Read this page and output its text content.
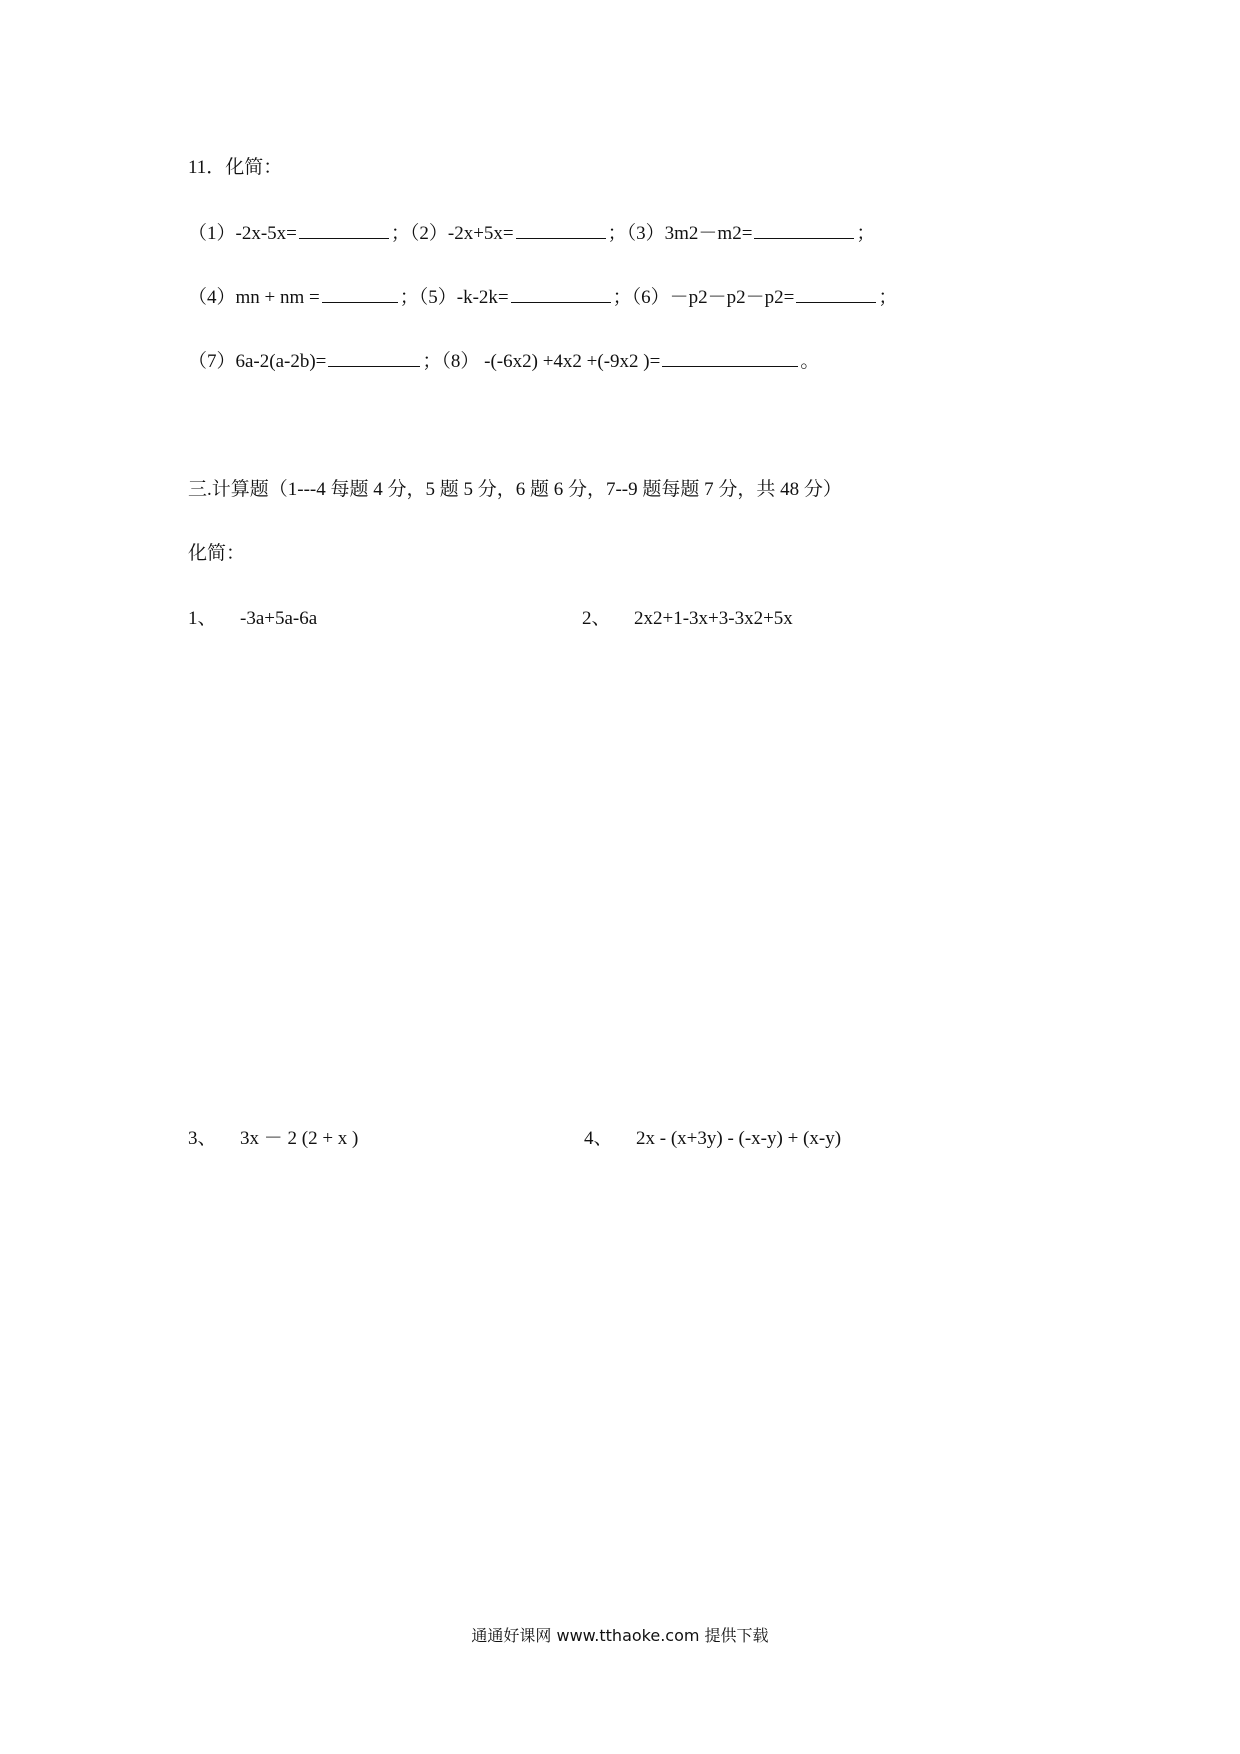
11．化简：
（1）-2x-5x=	；（2）-2x+5x=	；（3）3m2－m2=	；
（4）mn + nm =	；（5）-k-2k=	；（6）－p2－p2－p2=	；
（7）6a-2(a-2b)=	；（8） -(-6x2) +4x2 +(-9x2 )=	。
三.计算题（1---4 每题 4 分，5 题 5 分，6 题 6 分，7--9 题每题 7 分，共 48 分）
化简：
1、 -3a+5a-6a	2、 2x2+1-3x+3-3x2+5x
3、 3x － 2 (2 + x )	4、 2x - (x+3y) - (-x-y) + (x-y)
通通好课网 www.tthaoke.com 提供下载
